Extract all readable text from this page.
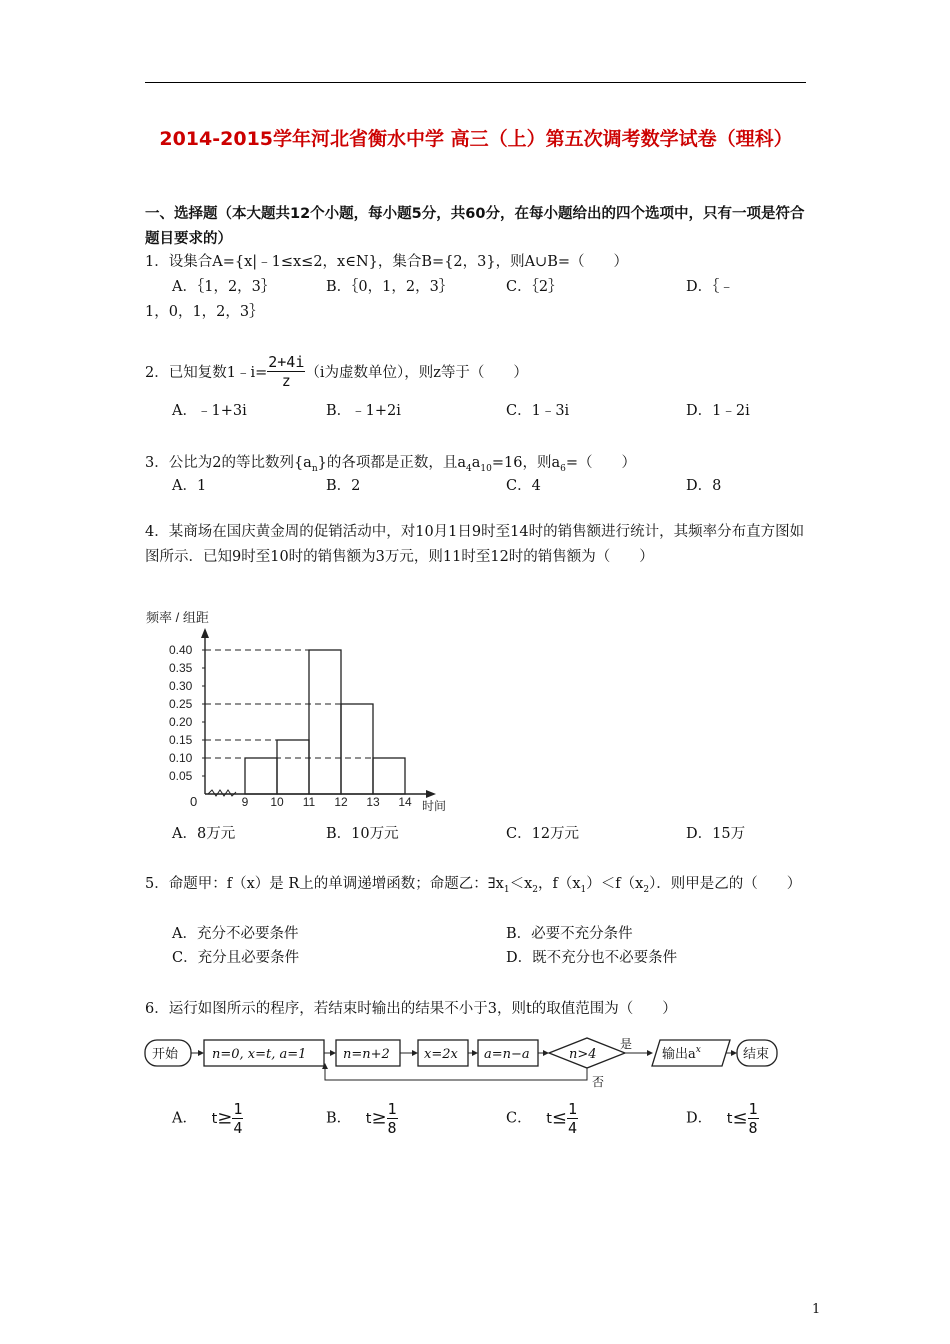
2014-2015学年河北省衡水中学 高三（上）第五次调考数学试卷（理科）
一、选择题（本大题共12个小题，每小题5分，共60分，在每小题给出的四个选项中，只有一项是符合题目要求的）
1．设集合A={x|﹣1≤x≤2，x∈N}，集合B={2，3}，则A∪B=（　　）
A．｛1，2，3｝	B．｛0，1，2，3｝	C．｛2｝	D．｛﹣
1，0，1，2，3｝
2．已知复数1﹣i= $\frac{2+4i}{z} (i$为虚数单位），则z等于（　　）
A．﹣1+3i	B．﹣1+2i	C．1﹣3i	D．1﹣2i
3．公比为2的等比数列$\{a_n\}$的各项都是正数，且$a_4a_{10}=16$，则$a_6=$（　　）
A．1	B．2	C．4	D．8
4．某商场在国庆黄金周的促销活动中，对10月1日9时至14时的销售额进行统计，其频率分布直方图如图所示．已知9时至10时的销售额为3万元，则11时至12时的销售额为（　　）
频率 / 组距
0	时间
0.05
0.10
0.15
0.20
0.25
0.30
0.35
0.40
9 10 11 12 13 14
A．8万元	B．10万元	C．12万元	D．15万
5．命题甲：f（x）是 R上的单调递增函数；命题乙：$\exists x_1<x_2$，$f(x_1)<f(x_2)$．则甲是乙的（　　）
A．充分不必要条件	B．必要不充分条件
C．充分且必要条件	D．既不充分也不必要条件
6．运行如图所示的程序，若结束时输出的结果不小于3，则t的取值范围为（　　）
开始	n=0, x=t, a=1	n=n+2	x=2x a=n−a	n>4
是
否
输出$a^x$	结束
A． $t\ge \frac{1}{4}$	B． $t\ge \frac{1}{8}$	C． $t\le \frac{1}{4}$	D． $t\le \frac{1}{8}$
1
